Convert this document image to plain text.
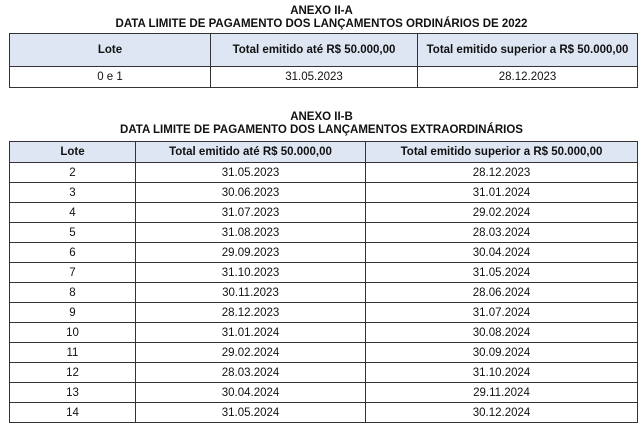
ANEXO II-A
DATA LIMITE DE PAGAMENTO DOS LANÇAMENTOS ORDINÁRIOS DE 2022
Lote	Total emitido até R$ 50.000,00	Total emitido superior a R$ 50.000,00
0 e 1	31.05.2023	28.12.2023
ANEXO II-B
DATA LIMITE DE PAGAMENTO DOS LANÇAMENTOS EXTRAORDINÁRIOS
Lote	Total emitido até R$ 50.000,00	Total emitido superior a R$ 50.000,00
2	31.05.2023	28.12.2023
3	30.06.2023	31.01.2024
4	31.07.2023	29.02.2024
5	31.08.2023	28.03.2024
6	29.09.2023	30.04.2024
7	31.10.2023	31.05.2024
8	30.11.2023	28.06.2024
9	28.12.2023	31.07.2024
10	31.01.2024	30.08.2024
11	29.02.2024	30.09.2024
12	28.03.2024	31.10.2024
13	30.04.2024	29.11.2024
14	31.05.2024	30.12.2024
